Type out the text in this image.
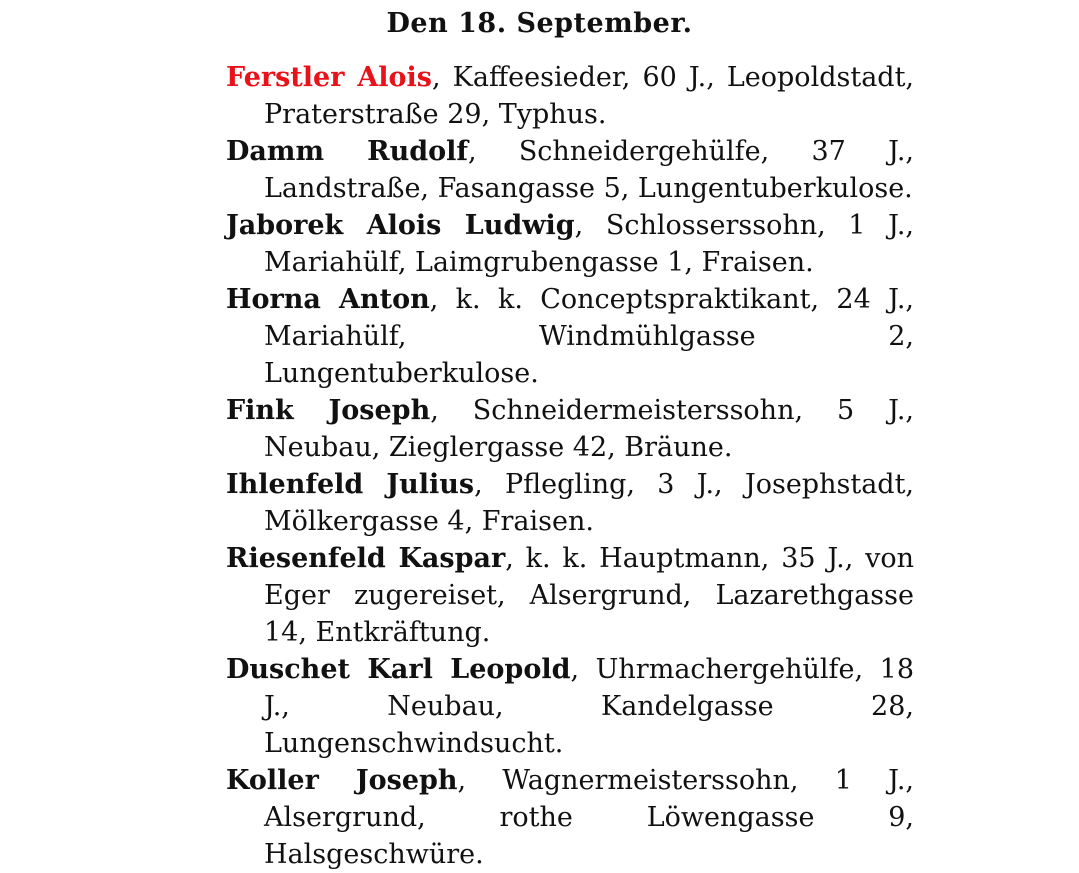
Den 18. September.
Ferstler Alois, Kaffeesieder, 60 J., Leopoldstadt, Praterstraße 29, Typhus.
Damm Rudolf, Schneidergehülfe, 37 J., Landstraße, Fasangasse 5, Lungentuberkulose.
Jaborek Alois Ludwig, Schlosserssohn, 1 J., Mariahülf, Laimgrubengasse 1, Fraisen.
Horna Anton, k. k. Conceptspraktikant, 24 J., Mariahülf, Windmühlgasse 2, Lungentuberkulose.
Fink Joseph, Schneidermeisterssohn, 5 J., Neubau, Zieglergasse 42, Bräune.
Ihlenfeld Julius, Pflegling, 3 J., Josephstadt, Mölkergasse 4, Fraisen.
Riesenfeld Kaspar, k. k. Hauptmann, 35 J., von Eger zugereiset, Alsergrund, Lazarethgasse 14, Entkräftung.
Duschet Karl Leopold, Uhrmachergehülfe, 18 J., Neubau, Kandelgasse 28, Lungenschwindsucht.
Koller Joseph, Wagnermeisterssohn, 1 J., Alsergrund, rothe Löwengasse 9, Halsgeschwüre.
